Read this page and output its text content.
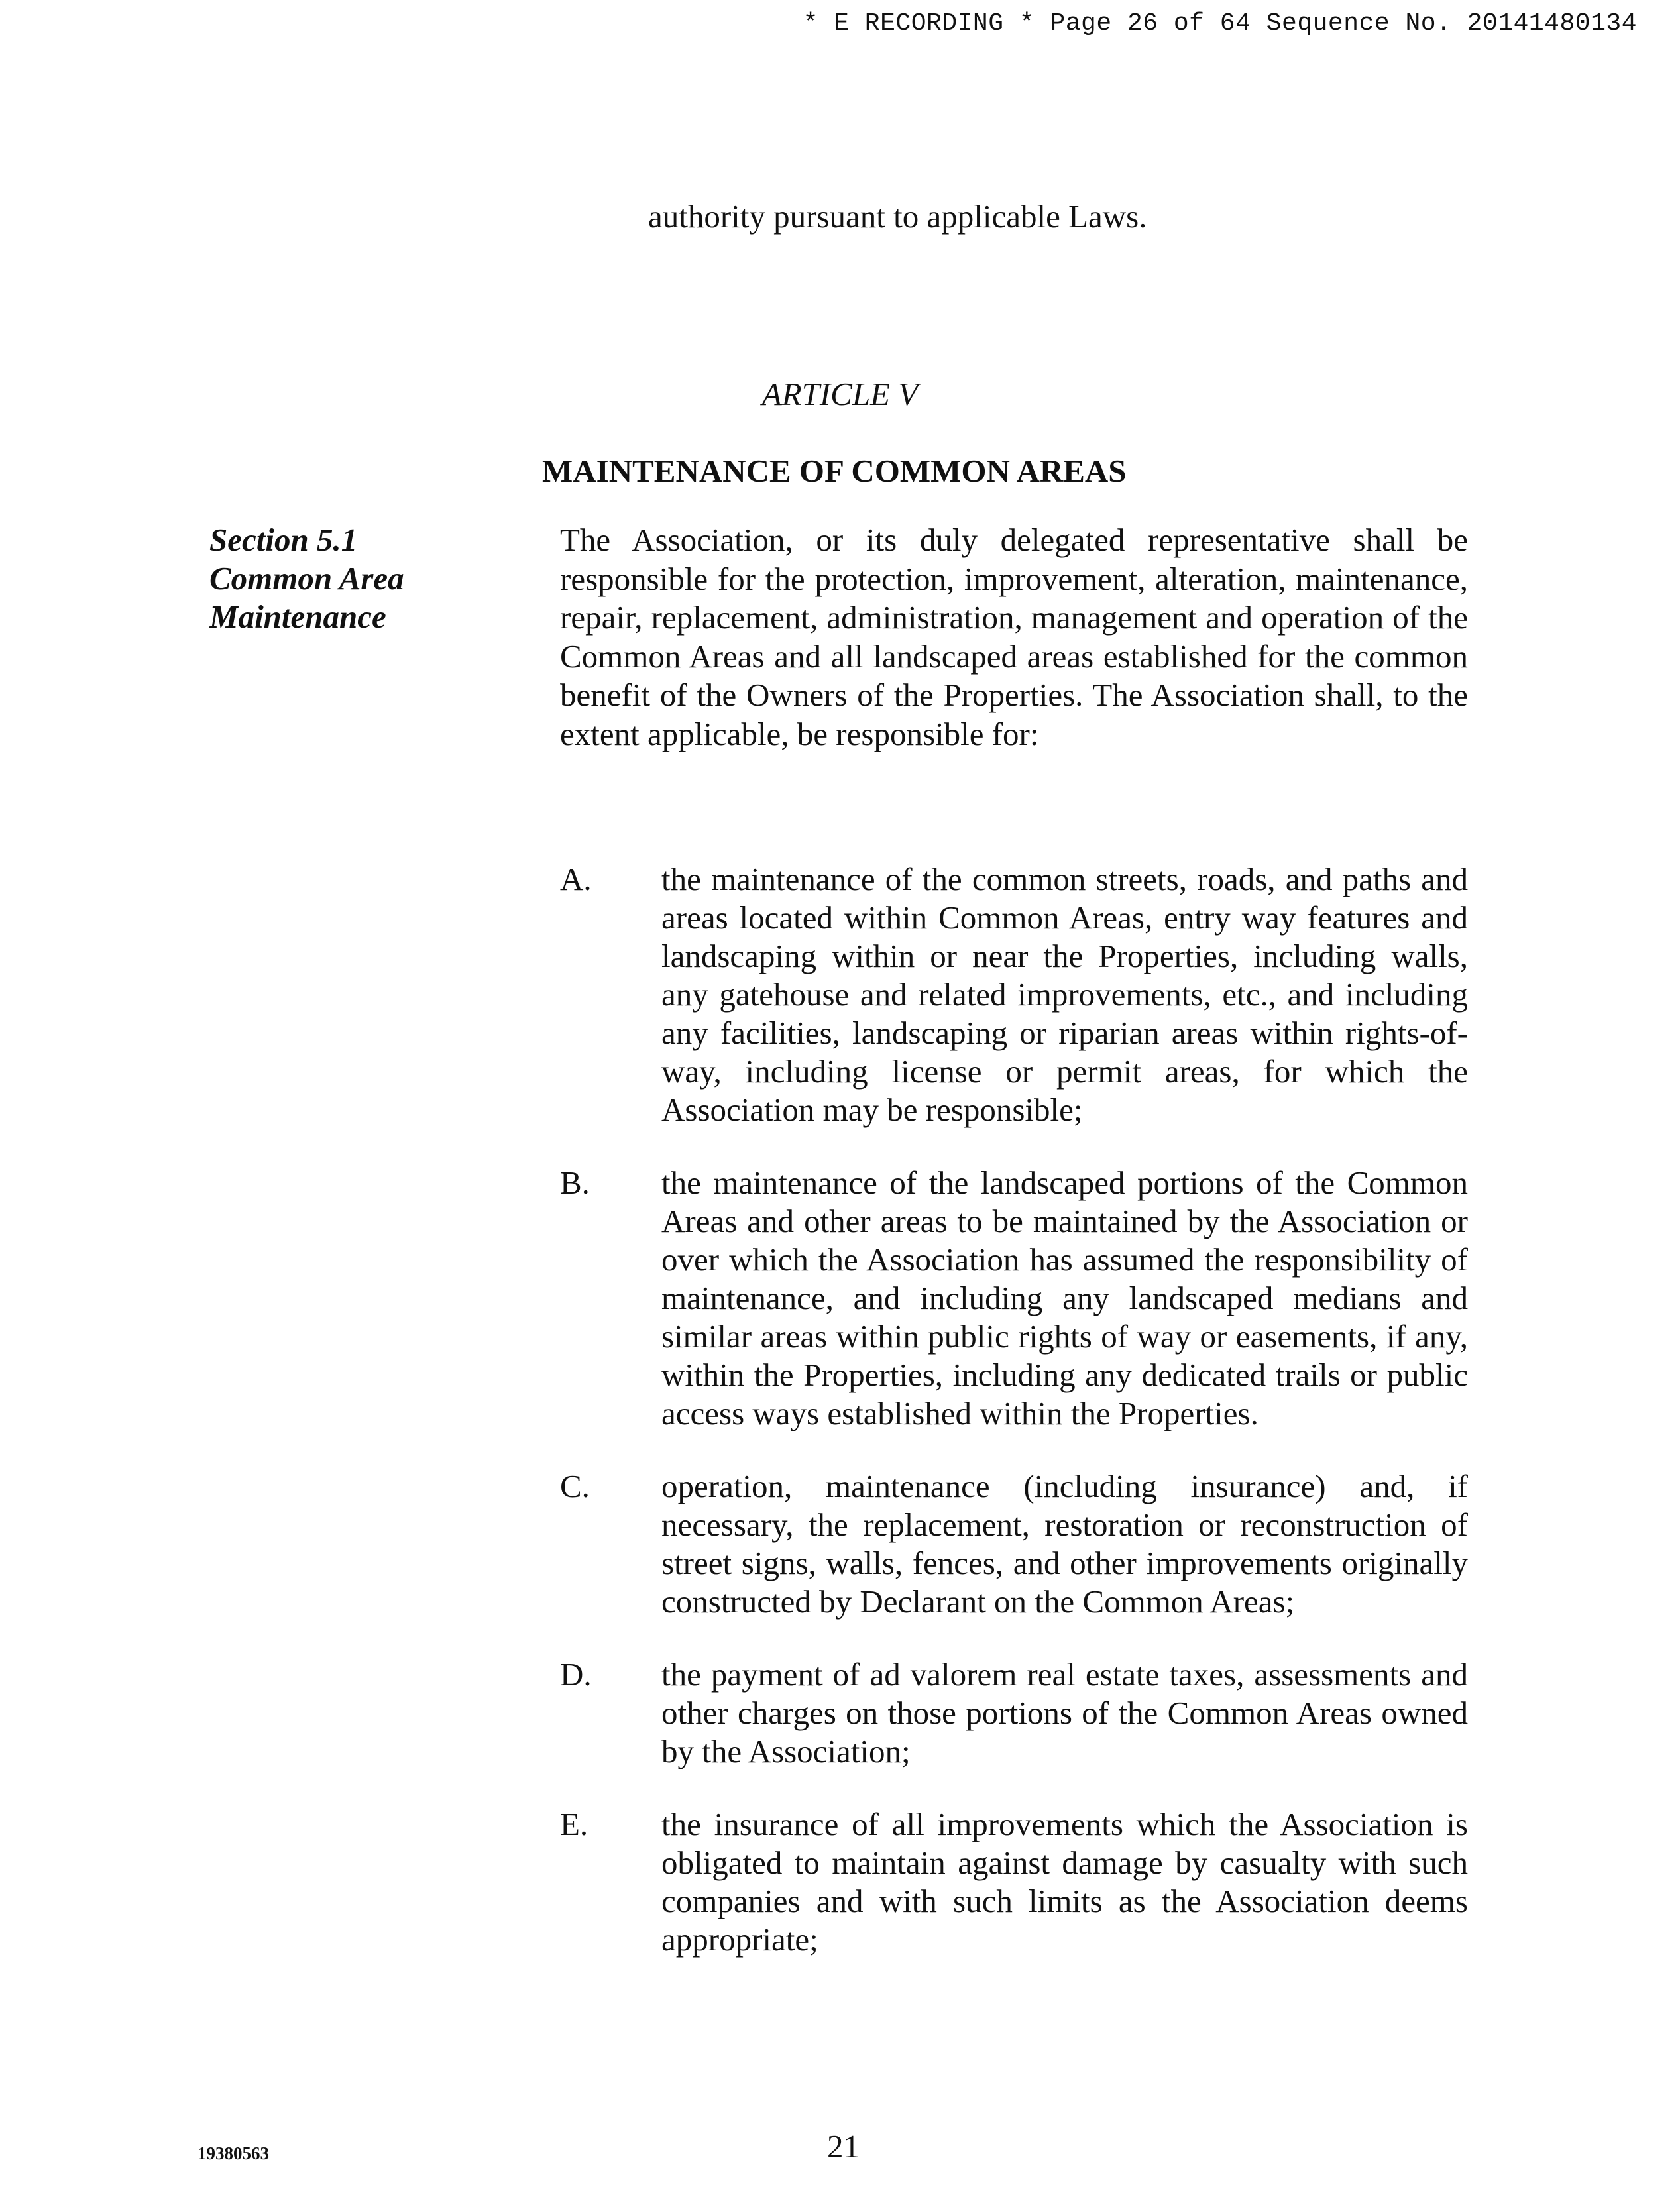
* E RECORDING * Page 26 of 64 Sequence No. 20141480134
authority pursuant to applicable Laws.
ARTICLE V
MAINTENANCE OF COMMON AREAS
Section 5.1
Common Area
Maintenance
The Association, or its duly delegated representative shall be responsible for the protection, improvement, alteration, maintenance, repair, replacement, administration, management and operation of the Common Areas and all landscaped areas established for the common benefit of the Owners of the Properties. The Association shall, to the extent applicable, be responsible for:
A. the maintenance of the common streets, roads, and paths and areas located within Common Areas, entry way features and landscaping within or near the Properties, including walls, any gatehouse and related improvements, etc., and including any facilities, landscaping or riparian areas within rights-of-way, including license or permit areas, for which the Association may be responsible;
B. the maintenance of the landscaped portions of the Common Areas and other areas to be maintained by the Association or over which the Association has assumed the responsibility of maintenance, and including any landscaped medians and similar areas within public rights of way or easements, if any, within the Properties, including any dedicated trails or public access ways established within the Properties.
C. operation, maintenance (including insurance) and, if necessary, the replacement, restoration or reconstruction of street signs, walls, fences, and other improvements originally constructed by Declarant on the Common Areas;
D. the payment of ad valorem real estate taxes, assessments and other charges on those portions of the Common Areas owned by the Association;
E. the insurance of all improvements which the Association is obligated to maintain against damage by casualty with such companies and with such limits as the Association deems appropriate;
19380563	21
